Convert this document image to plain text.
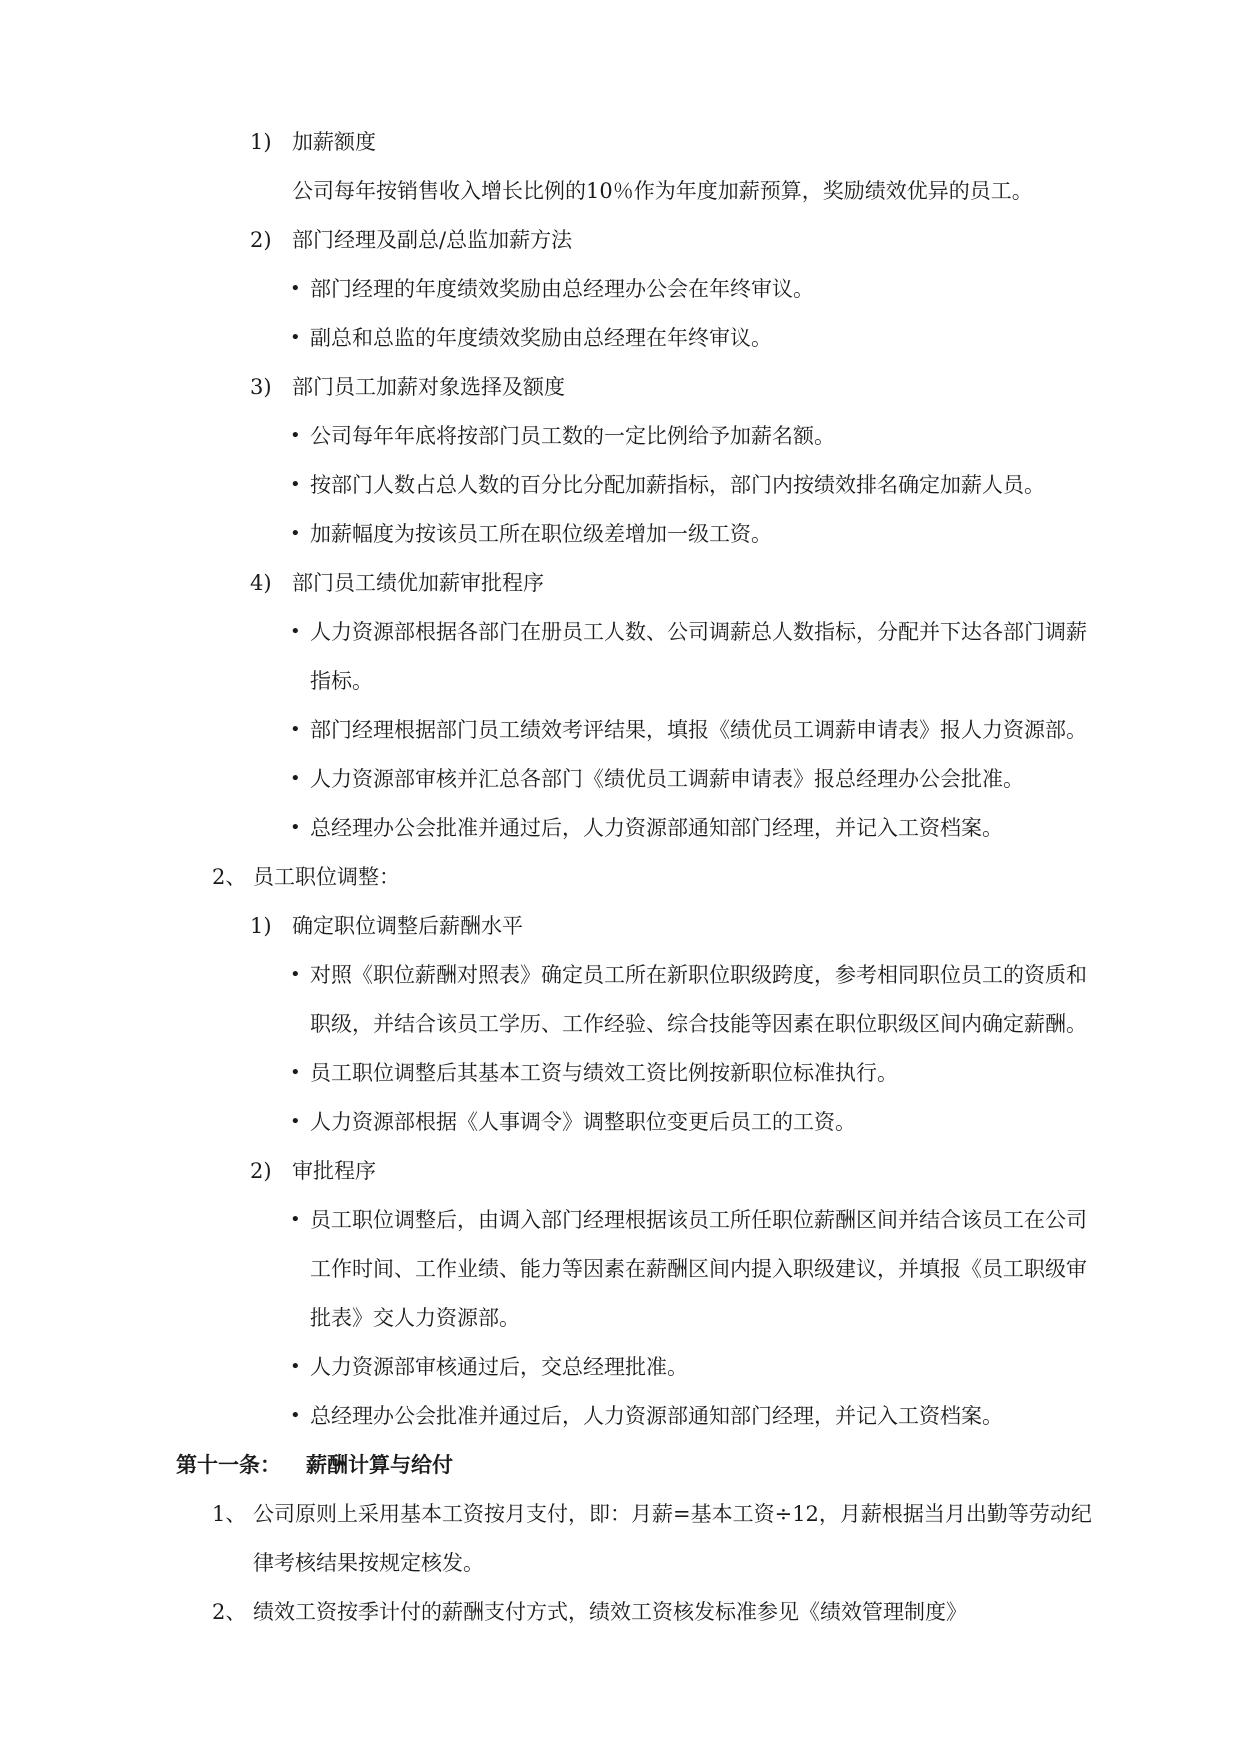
1) 加薪额度
公司每年按销售收入增长比例的10％作为年度加薪预算，奖励绩效优异的员工。
2) 部门经理及副总/总监加薪方法
• 部门经理的年度绩效奖励由总经理办公会在年终审议。
• 副总和总监的年度绩效奖励由总经理在年终审议。
3) 部门员工加薪对象选择及额度
• 公司每年年底将按部门员工数的一定比例给予加薪名额。
• 按部门人数占总人数的百分比分配加薪指标，部门内按绩效排名确定加薪人员。
• 加薪幅度为按该员工所在职位级差增加一级工资。
4) 部门员工绩优加薪审批程序
• 人力资源部根据各部门在册员工人数、公司调薪总人数指标，分配并下达各部门调薪
指标。
• 部门经理根据部门员工绩效考评结果，填报《绩优员工调薪申请表》报人力资源部。
• 人力资源部审核并汇总各部门《绩优员工调薪申请表》报总经理办公会批准。
• 总经理办公会批准并通过后，人力资源部通知部门经理，并记入工资档案。
2、 员工职位调整：
1) 确定职位调整后薪酬水平
• 对照《职位薪酬对照表》确定员工所在新职位职级跨度，参考相同职位员工的资质和
职级，并结合该员工学历、工作经验、综合技能等因素在职位职级区间内确定薪酬。
• 员工职位调整后其基本工资与绩效工资比例按新职位标准执行。
• 人力资源部根据《人事调令》调整职位变更后员工的工资。
2) 审批程序
• 员工职位调整后，由调入部门经理根据该员工所任职位薪酬区间并结合该员工在公司
工作时间、工作业绩、能力等因素在薪酬区间内提入职级建议，并填报《员工职级审
批表》交人力资源部。
• 人力资源部审核通过后，交总经理批准。
• 总经理办公会批准并通过后，人力资源部通知部门经理，并记入工资档案。
第十一条： 薪酬计算与给付
1、 公司原则上采用基本工资按月支付，即：月薪=基本工资÷12，月薪根据当月出勤等劳动纪
律考核结果按规定核发。
2、 绩效工资按季计付的薪酬支付方式，绩效工资核发标准参见《绩效管理制度》
